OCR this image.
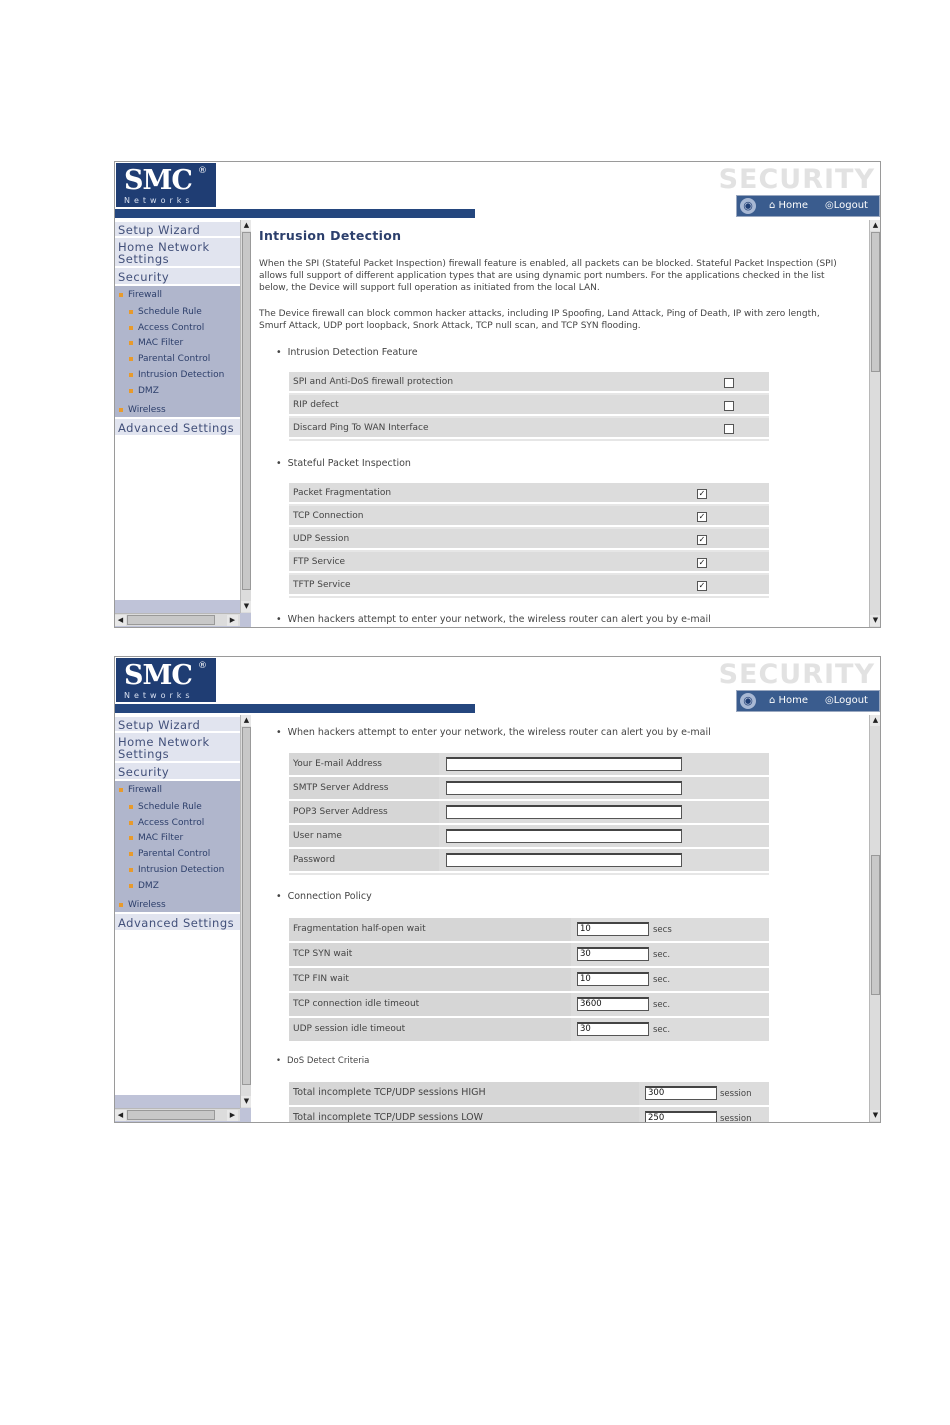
SMC ®
Networks
SECURITY
◉	⌂ Home ◎Logout
Setup Wizard
Home Network
Settings
Security
Firewall
Schedule Rule
Access Control
MAC Filter
Parental Control
Intrusion Detection
DMZ
Wireless
Advanced Settings
▲
▼
◀	▶
Intrusion Detection
When the SPI (Stateful Packet Inspection) firewall feature is enabled, all packets can be blocked. Stateful Packet Inspection (SPI) allows full support of different application types that are using dynamic port numbers. For the applications checked in the list below, the Device will support full operation as initiated from the local LAN.
The Device firewall can block common hacker attacks, including IP Spoofing, Land Attack, Ping of Death, IP with zero length, Smurf Attack, UDP port loopback, Snork Attack, TCP null scan, and TCP SYN flooding.
• Intrusion Detection Feature
SPI and Anti-DoS firewall protection
RIP defect
Discard Ping To WAN Interface
• Stateful Packet Inspection
Packet Fragmentation	✓
TCP Connection	✓
UDP Session	✓
FTP Service	✓
TFTP Service	✓
• When hackers attempt to enter your network, the wireless router can alert you by e-mail
▲
▼
SMC ®
Networks
SECURITY
◉	⌂ Home ◎Logout
Setup Wizard
Home Network
Settings
Security
Firewall
Schedule Rule
Access Control
MAC Filter
Parental Control
Intrusion Detection
DMZ
Wireless
Advanced Settings
▲
▼
◀	▶
• When hackers attempt to enter your network, the wireless router can alert you by e-mail
Your E-mail Address
SMTP Server Address
POP3 Server Address
User name
Password
• Connection Policy
Fragmentation half-open wait	10	secs
TCP SYN wait	30	sec.
TCP FIN wait	10	sec.
TCP connection idle timeout	3600	sec.
UDP session idle timeout	30	sec.
• DoS Detect Criteria
Total incomplete TCP/UDP sessions HIGH	300	session
Total incomplete TCP/UDP sessions LOW	250	session
▲
▼
